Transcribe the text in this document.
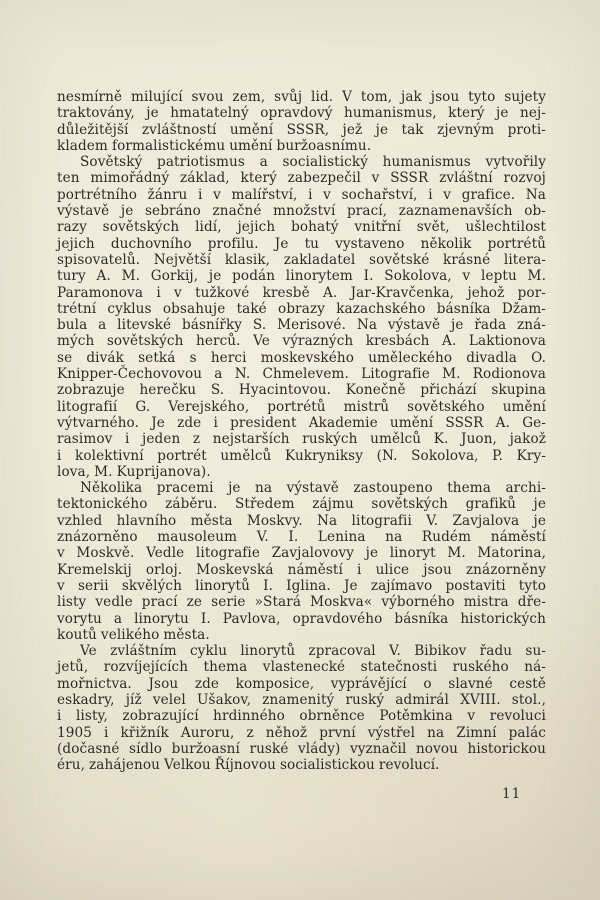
nesmírně milující svou zem, svůj lid. V tom, jak jsou tyto sujety
traktovány, je hmatatelný opravdový humanismus, který je nej-
důležitější zvláštností umění SSSR, jež je tak zjevným proti-
kladem formalistickému umění buržoasnímu.

Sovětský patriotismus a socialistický humanismus vytvořily
ten mimořádný základ, který zabezpečil v SSSR zvláštní rozvoj
portrétního žánru i v malířství, i v sochařství, i v grafice. Na
výstavě je sebráno značné množství prací, zaznamenavších ob-
razy sovětských lidí, jejich bohatý vnitřní svět, ušlechtilost
jejich duchovního profilu. Je tu vystaveno několik portrétů
spisovatelů. Největší klasik, zakladatel sovětské krásné litera-
tury A. M. Gorkij, je podán linorytem I. Sokolova, v leptu M.
Paramonova i v tužkové kresbě A. Jar-Kravčenka, jehož por-
trétní cyklus obsahuje také obrazy kazachského básníka Džam-
bula a litevské básnířky S. Merisové. Na výstavě je řada zná-
mých sovětských herců. Ve výrazných kresbách A. Laktionova
se divák setká s herci moskevského uměleckého divadla O.
Knipper-Čechovovou a N. Chmelevem. Litografie M. Rodionova
zobrazuje herečku S. Hyacintovou. Konečně přichází skupina
litografií G. Verejského, portrétů mistrů sovětského umění
výtvarného. Je zde i president Akademie umění SSSR A. Ge-
rasimov i jeden z nejstarších ruských umělců K. Juon, jakož
i kolektivní portrét umělců Kukryniksy (N. Sokolova, P. Kry-
lova, M. Kuprijanova).

Několika pracemi je na výstavě zastoupeno thema archi-
tektonického záběru. Středem zájmu sovětských grafiků je
vzhled hlavního města Moskvy. Na litografii V. Zavjalova je
znázorněno mausoleum V. I. Lenina na Rudém náměstí
v Moskvě. Vedle litografie Zavjalovovy je linoryt M. Matorina,
Kremelskij orloj. Moskevská náměstí i ulice jsou znázorněny
v serii skvělých linorytů I. Iglina. Je zajímavo postaviti tyto
listy vedle prací ze serie »Stará Moskva« výborného mistra dře-
vorytu a linorytu I. Pavlova, opravdového básníka historických
koutů velikého města.

Ve zvláštním cyklu linorytů zpracoval V. Bibikov řadu su-
jetů, rozvíjejících thema vlastenecké statečnosti ruského ná-
mořnictva. Jsou zde komposice, vyprávějící o slavné cestě
eskadry, jíž velel Ušakov, znamenitý ruský admirál XVIII. stol.,
i listy, zobrazující hrdinného obrněnce Potěmkina v revoluci
1905 i křižník Auroru, z něhož první výstřel na Zimní palác
(dočasné sídlo buržoasní ruské vlády) vyznačil novou historickou
éru, zahájenou Velkou Říjnovou socialistickou revolucí.

11
